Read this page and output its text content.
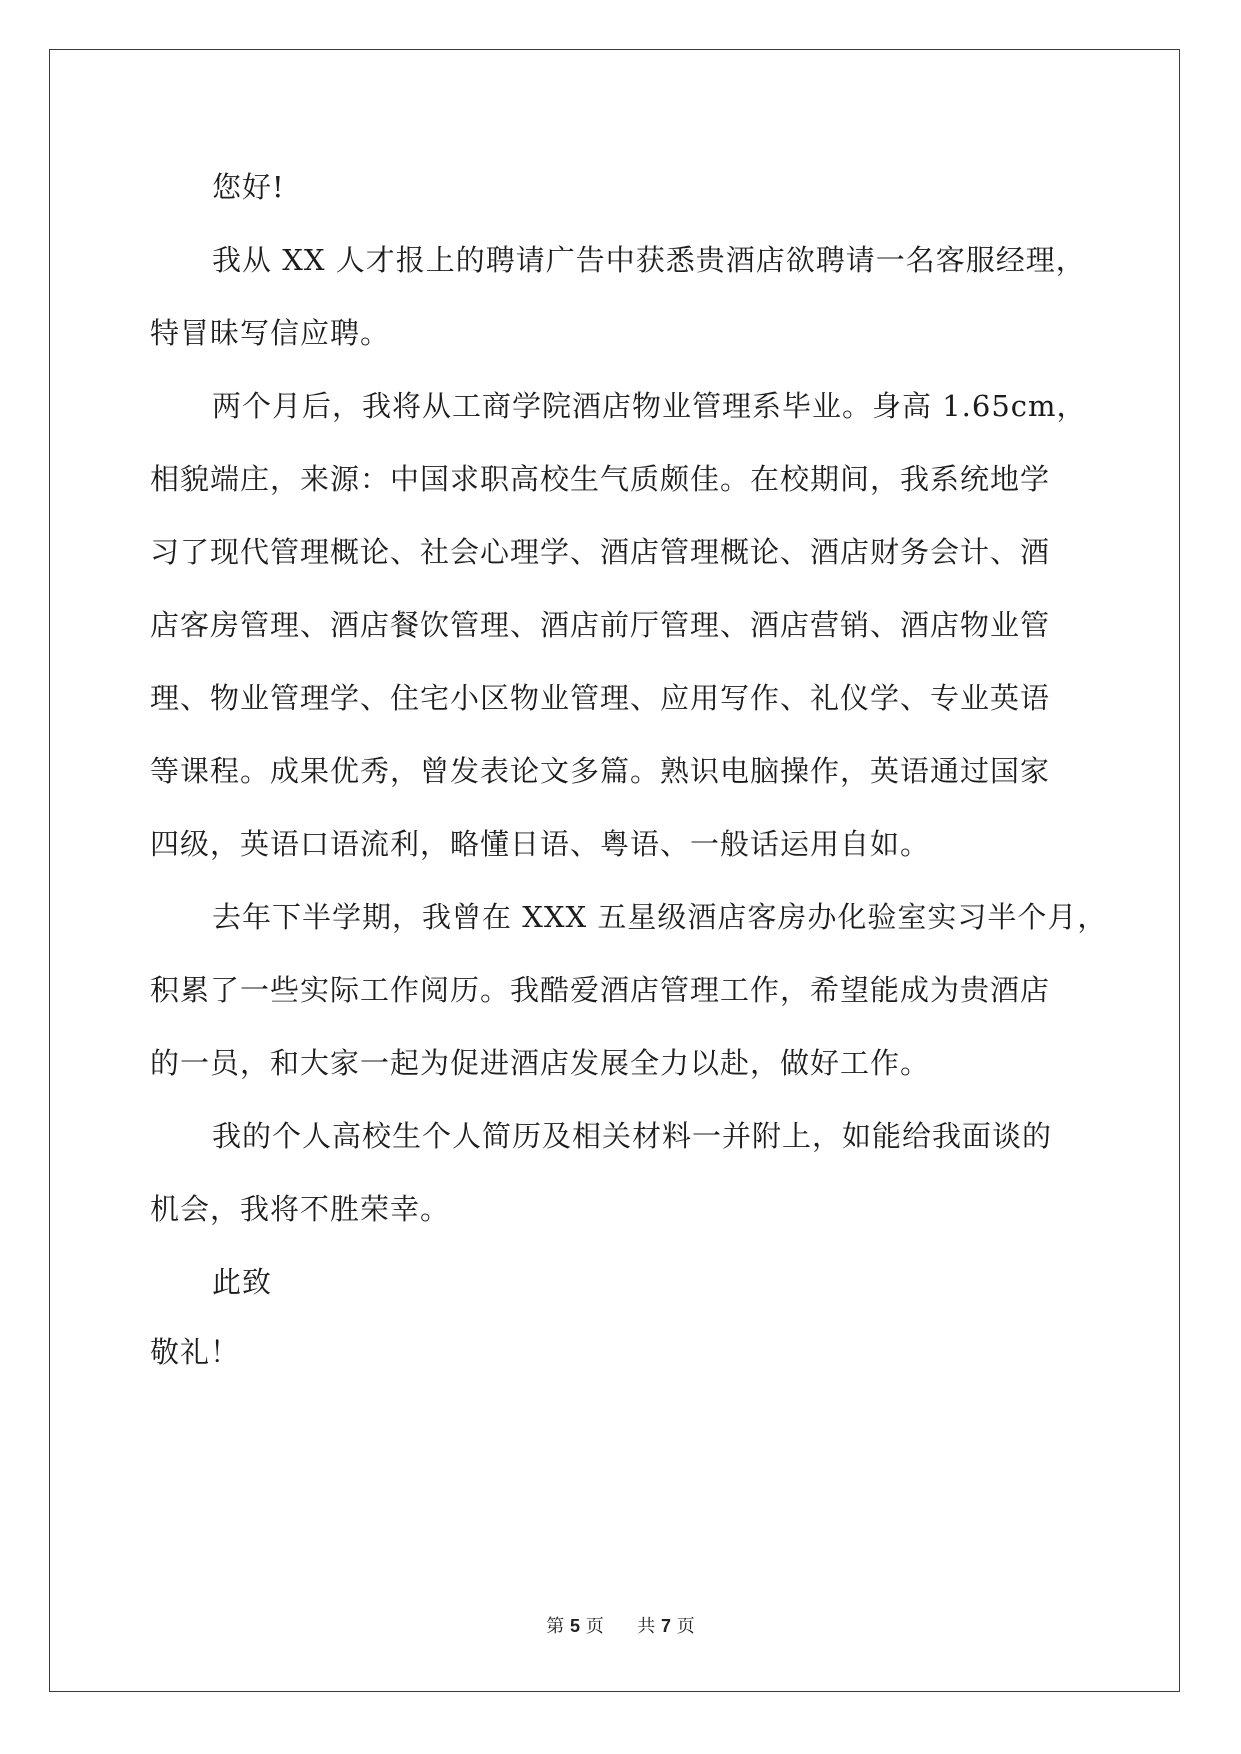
您好!
我从 XX 人才报上的聘请广告中获悉贵酒店欲聘请一名客服经理，
特冒昧写信应聘。
两个月后，我将从工商学院酒店物业管理系毕业。身高 1.65cm，
相貌端庄，来源：中国求职高校生气质颇佳。在校期间，我系统地学
习了现代管理概论、社会心理学、酒店管理概论、酒店财务会计、酒
店客房管理、酒店餐饮管理、酒店前厅管理、酒店营销、酒店物业管
理、物业管理学、住宅小区物业管理、应用写作、礼仪学、专业英语
等课程。成果优秀，曾发表论文多篇。熟识电脑操作，英语通过国家
四级，英语口语流利，略懂日语、粤语、一般话运用自如。
去年下半学期，我曾在 XXX 五星级酒店客房办化验室实习半个月，
积累了一些实际工作阅历。我酷爱酒店管理工作，希望能成为贵酒店
的一员，和大家一起为促进酒店发展全力以赴，做好工作。
我的个人高校生个人简历及相关材料一并附上，如能给我面谈的
机会，我将不胜荣幸。
此致
敬礼！
第 5 页 共 7 页
